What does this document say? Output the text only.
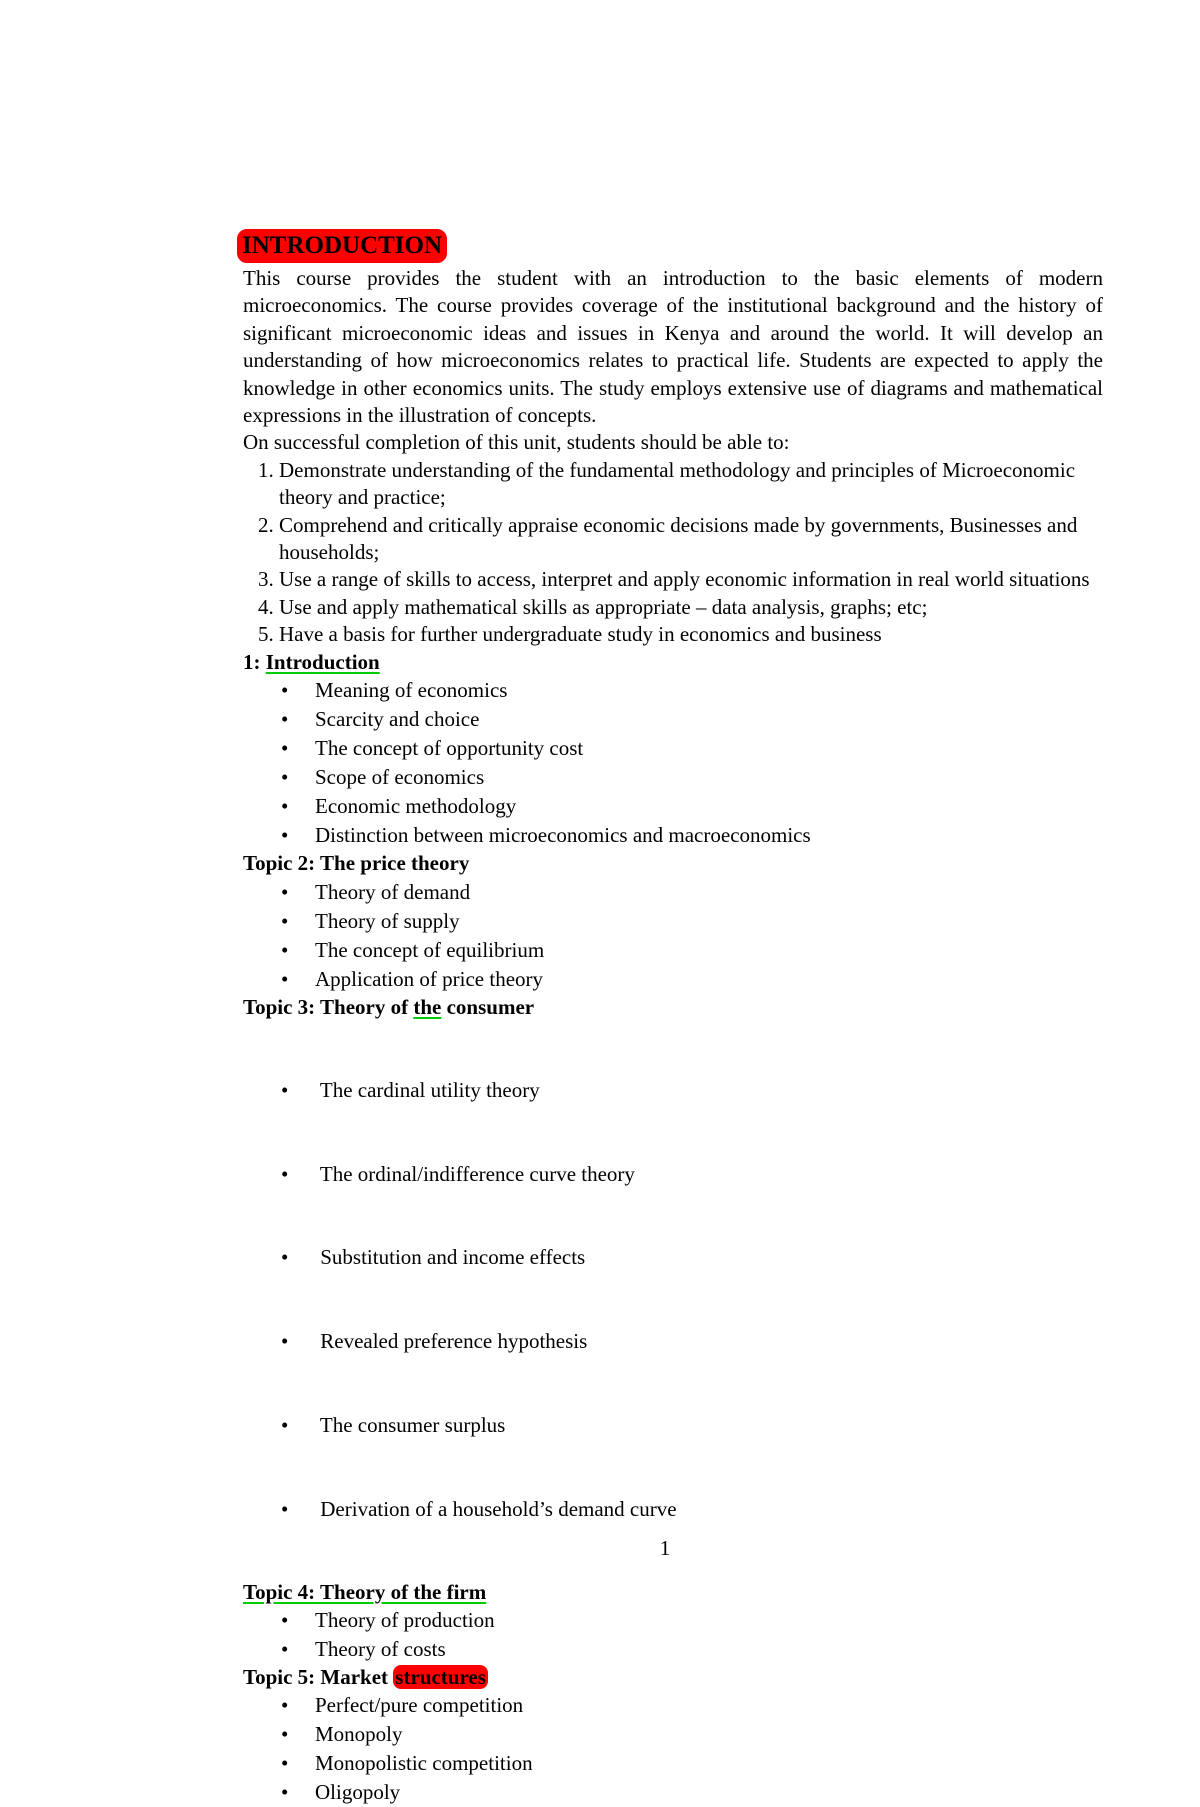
INTRODUCTION
This course provides the student with an introduction to the basic elements of modern microeconomics. The course provides coverage of the institutional background and the history of significant microeconomic ideas and issues in Kenya and around the world. It will develop an understanding of how microeconomics relates to practical life. Students are expected to apply the knowledge in other economics units. The study employs extensive use of diagrams and mathematical expressions in the illustration of concepts.
On successful completion of this unit, students should be able to:
1. Demonstrate understanding of the fundamental methodology and principles of Microeconomic theory and practice;
2. Comprehend and critically appraise economic decisions made by governments, Businesses and households;
3. Use a range of skills to access, interpret and apply economic information in real world situations
4. Use and apply mathematical skills as appropriate – data analysis, graphs; etc;
5. Have a basis for further undergraduate study in economics and business
1: Introduction
• Meaning of economics
• Scarcity and choice
• The concept of opportunity cost
• Scope of economics
• Economic methodology
• Distinction between microeconomics and macroeconomics
Topic 2: The price theory
• Theory of demand
• Theory of supply
• The concept of equilibrium
• Application of price theory
Topic 3: Theory of the consumer

•  The cardinal utility theory

•  The ordinal/indifference curve theory

•  Substitution and income effects

•  Revealed preference hypothesis

•  The consumer surplus

•  Derivation of a household’s demand curve

Topic 4: Theory of the firm
• Theory of production
• Theory of costs
Topic 5: Market structures
• Perfect/pure competition
• Monopoly
• Monopolistic competition
• Oligopoly
1
